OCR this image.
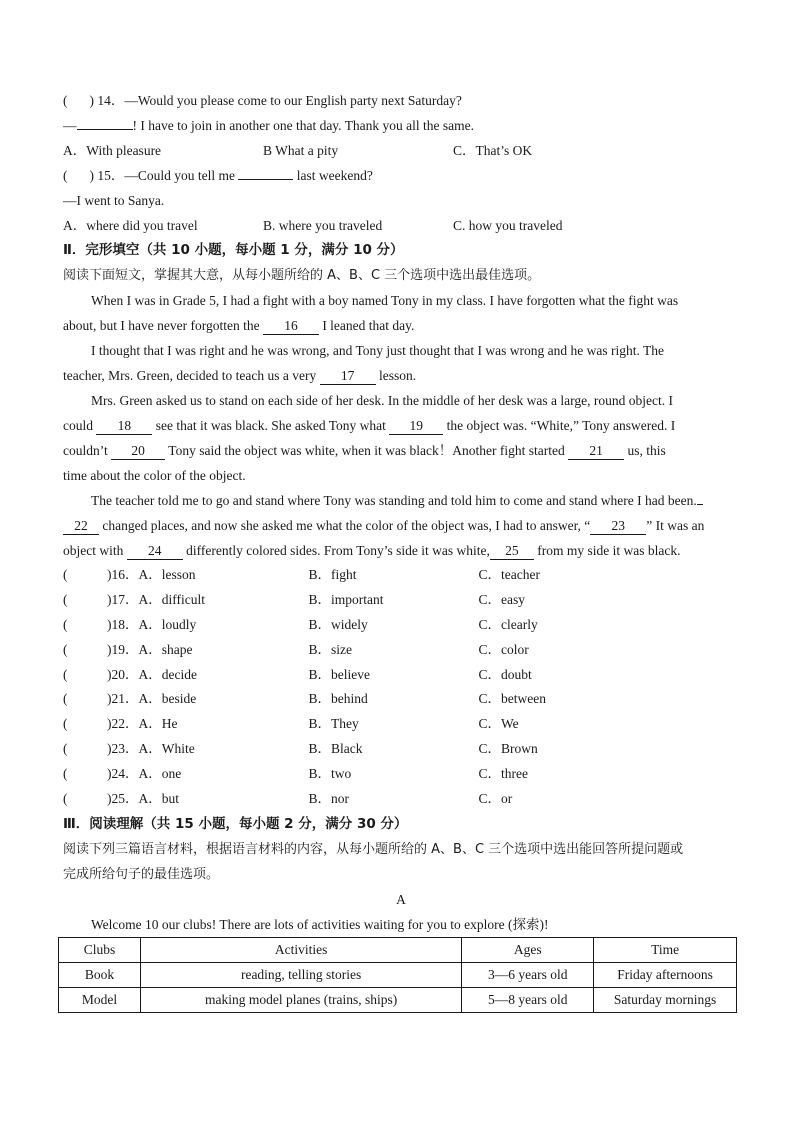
( ) 14．—Would you please come to our English party next Saturday?
—	! I have to join in another one that day. Thank you all the same.
A．With pleasure	B What a pity	C．That’s OK
( ) 15．—Could you tell me	last weekend?
—I went to Sanya.
A．where did you travel	B. where you traveled	C. how you traveled
Ⅱ．完形填空（共 10 小题，每小题 1 分，满分 10 分）
阅读下面短文，掌握其大意，从每小题所给的 A、B、C 三个选项中选出最佳选项。
When I was in Grade 5, I had a fight with a boy named Tony in my class. I have forgotten what the fight was
about, but I have never forgotten the 16 I leaned that day.
I thought that I was right and he was wrong, and Tony just thought that I was wrong and he was right. The
teacher, Mrs. Green, decided to teach us a very 17 lesson.
Mrs. Green asked us to stand on each side of her desk. In the middle of her desk was a large, round object. I
could 18 see that it was black. She asked Tony what 19 the object was. “White,” Tony answered. I
couldn’t 20 Tony said the object was white, when it was black！Another fight started 21 us, this
time about the color of the object.
The teacher told me to go and stand where Tony was standing and told him to come and stand where I had been.
22 changed places, and now she asked me what the color of the object was, I had to answer, “ 23 ” It was an
object with 24 differently colored sides. From Tony’s side it was white, 25 from my side it was black.
(	) 16． A．lesson	B．fight	C．teacher
(	) 17． A．difficult	B．important	C．easy
(	) 18． A．loudly	B．widely	C．clearly
(	) 19． A．shape	B．size	C．color
(	) 20． A．decide	B．believe	C．doubt
(	) 21． A．beside	B．behind	C．between
(	) 22． A．He	B．They	C．We
(	) 23． A．White	B．Black	C．Brown
(	) 24． A．one	B．two	C．three
(	) 25． A．but	B．nor	C．or
Ⅲ．阅读理解（共 15 小题，每小题 2 分，满分 30 分）
阅读下列三篇语言材料，根据语言材料的内容，从每小题所给的 A、B、C 三个选项中选出能回答所提问题或
完成所给句子的最佳选项。
A
Welcome 10 our clubs! There are lots of activities waiting for you to explore (探索)!
Clubs	Activities	Ages	Time
Book	reading, telling stories	3—6 years old	Friday afternoons
Model	making model planes (trains, ships)	5—8 years old	Saturday mornings
